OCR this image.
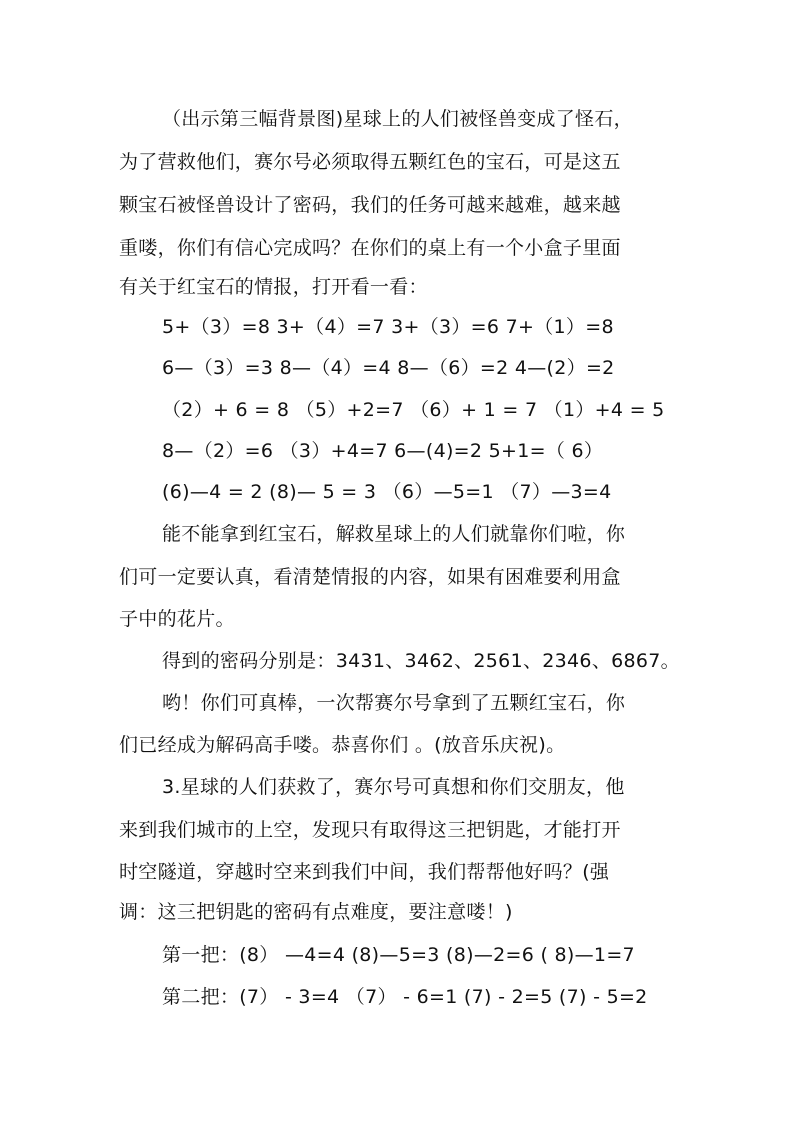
（出示第三幅背景图)星球上的人们被怪兽变成了怪石，
为了营救他们，赛尔号必须取得五颗红色的宝石，可是这五
颗宝石被怪兽设计了密码，我们的任务可越来越难，越来越
重喽，你们有信心完成吗？在你们的桌上有一个小盒子里面
有关于红宝石的情报，打开看一看：
5+（3）=8 3+（4）=7 3+（3）=6 7+（1）=8
6—（3）=3 8—（4）=4 8—（6）=2 4—(2）=2
（2）+ 6 = 8 （5）+2=7 （6）+ 1 = 7 （1）+4 = 5
8—（2）=6 （3）+4=7 6—(4)=2 5+1=（ 6）
(6)—4 = 2 (8)— 5 = 3 （6）—5=1 （7）—3=4
能不能拿到红宝石，解救星球上的人们就靠你们啦，你
们可一定要认真，看清楚情报的内容，如果有困难要利用盒
子中的花片。
得到的密码分别是：3431、3462、2561、2346、6867。
哟！你们可真棒，一次帮赛尔号拿到了五颗红宝石，你
们已经成为解码高手喽。恭喜你们 。(放音乐庆祝)。
3.星球的人们获救了，赛尔号可真想和你们交朋友，他
来到我们城市的上空，发现只有取得这三把钥匙，才能打开
时空隧道，穿越时空来到我们中间，我们帮帮他好吗？(强
调：这三把钥匙的密码有点难度，要注意喽！)
第一把：(8） —4=4 (8)—5=3 (8)—2=6 ( 8)—1=7
第二把：(7） - 3=4 （7） - 6=1 (7) - 2=5 (7) - 5=2
